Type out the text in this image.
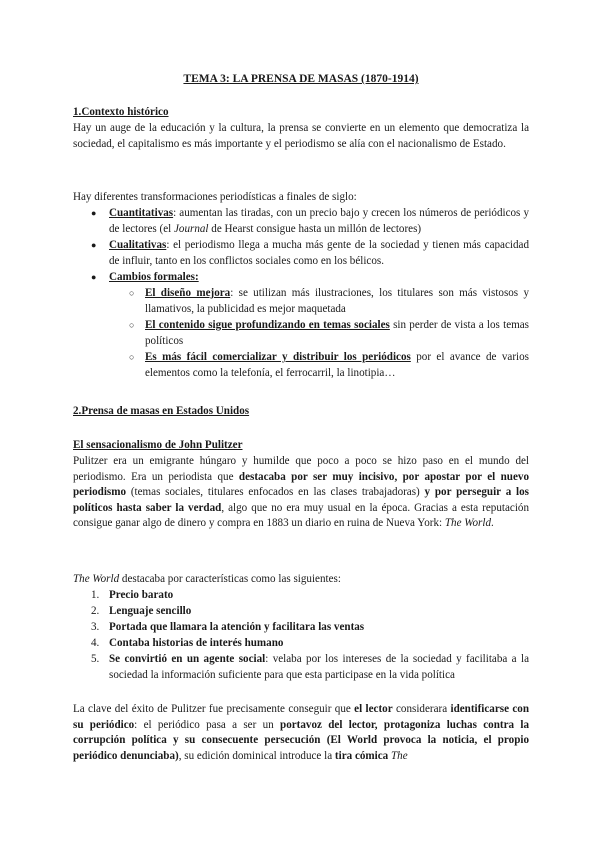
TEMA 3: LA PRENSA DE MASAS (1870-1914)
1.Contexto histórico

Hay un auge de la educación y la cultura, la prensa se convierte en un elemento que democratiza la sociedad, el capitalismo es más importante y el periodismo se alía con el nacionalismo de Estado.

Hay diferentes transformaciones periodísticas a finales de siglo:

● Cuantitativas: aumentan las tiradas, con un precio bajo y crecen los números de periódicos y de lectores (el Journal de Hearst consigue hasta un millón de lectores)

● Cualitativas: el periodismo llega a mucha más gente de la sociedad y tienen más capacidad de influir, tanto en los conflictos sociales como en los bélicos.

● Cambios formales:

○ El diseño mejora: se utilizan más ilustraciones, los titulares son más vistosos y llamativos, la publicidad es mejor maquetada

○ El contenido sigue profundizando en temas sociales sin perder de vista a los temas políticos

○ Es más fácil comercializar y distribuir los periódicos por el avance de varios elementos como la telefonía, el ferrocarril, la linotipia…

2.Prensa de masas en Estados Unidos
El sensacionalismo de John Pulitzer

Pulitzer era un emigrante húngaro y humilde que poco a poco se hizo paso en el mundo del periodismo. Era un periodista que destacaba por ser muy incisivo, por apostar por el nuevo periodismo (temas sociales, titulares enfocados en las clases trabajadoras) y por perseguir a los políticos hasta saber la verdad, algo que no era muy usual en la época. Gracias a esta reputación consigue ganar algo de dinero y compra en 1883 un diario en ruina de Nueva York: The World.

The World destacaba por características como las siguientes:

1. Precio barato

2. Lenguaje sencillo

3. Portada que llamara la atención y facilitara las ventas

4. Contaba historias de interés humano

5. Se convirtió en un agente social: velaba por los intereses de la sociedad y facilitaba a la sociedad la información suficiente para que esta participase en la vida política

La clave del éxito de Pulitzer fue precisamente conseguir que el lector considerara identificarse con su periódico: el periódico pasa a ser un portavoz del lector, protagoniza luchas contra la corrupción política y su consecuente persecución (El World provoca la noticia, el propio periódico denunciaba), su edición dominical introduce la tira cómica The
